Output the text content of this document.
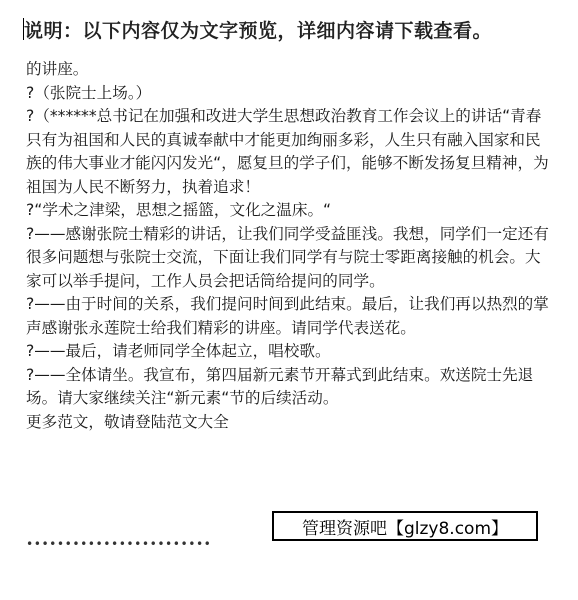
说明：以下内容仅为文字预览，详细内容请下载查看。

的讲座。

?（张院士上场。）

?（******总书记在加强和改进大学生思想政治教育工作会议上的讲话“青春只有为祖国和人民的真诚奉献中才能更加绚丽多彩，人生只有融入国家和民族的伟大事业才能闪闪发光“，愿复旦的学子们，能够不断发扬复旦精神，为祖国为人民不断努力，执着追求！

?“学术之津梁，思想之摇篮，文化之温床。“

?——感谢张院士精彩的讲话，让我们同学受益匪浅。我想，同学们一定还有很多问题想与张院士交流，下面让我们同学有与院士零距离接触的机会。大家可以举手提问，工作人员会把话筒给提问的同学。

?——由于时间的关系，我们提问时间到此结束。最后，让我们再以热烈的掌声感谢张永莲院士给我们精彩的讲座。请同学代表送花。

?——最后，请老师同学全体起立，唱校歌。

?——全体请坐。我宣布，第四届新元素节开幕式到此结束。欢送院士先退场。请大家继续关注“新元素“节的后续活动。

更多范文，敬请登陆范文大全

••••••••••••••••••••••••
管理资源吧【glzy8.com】
